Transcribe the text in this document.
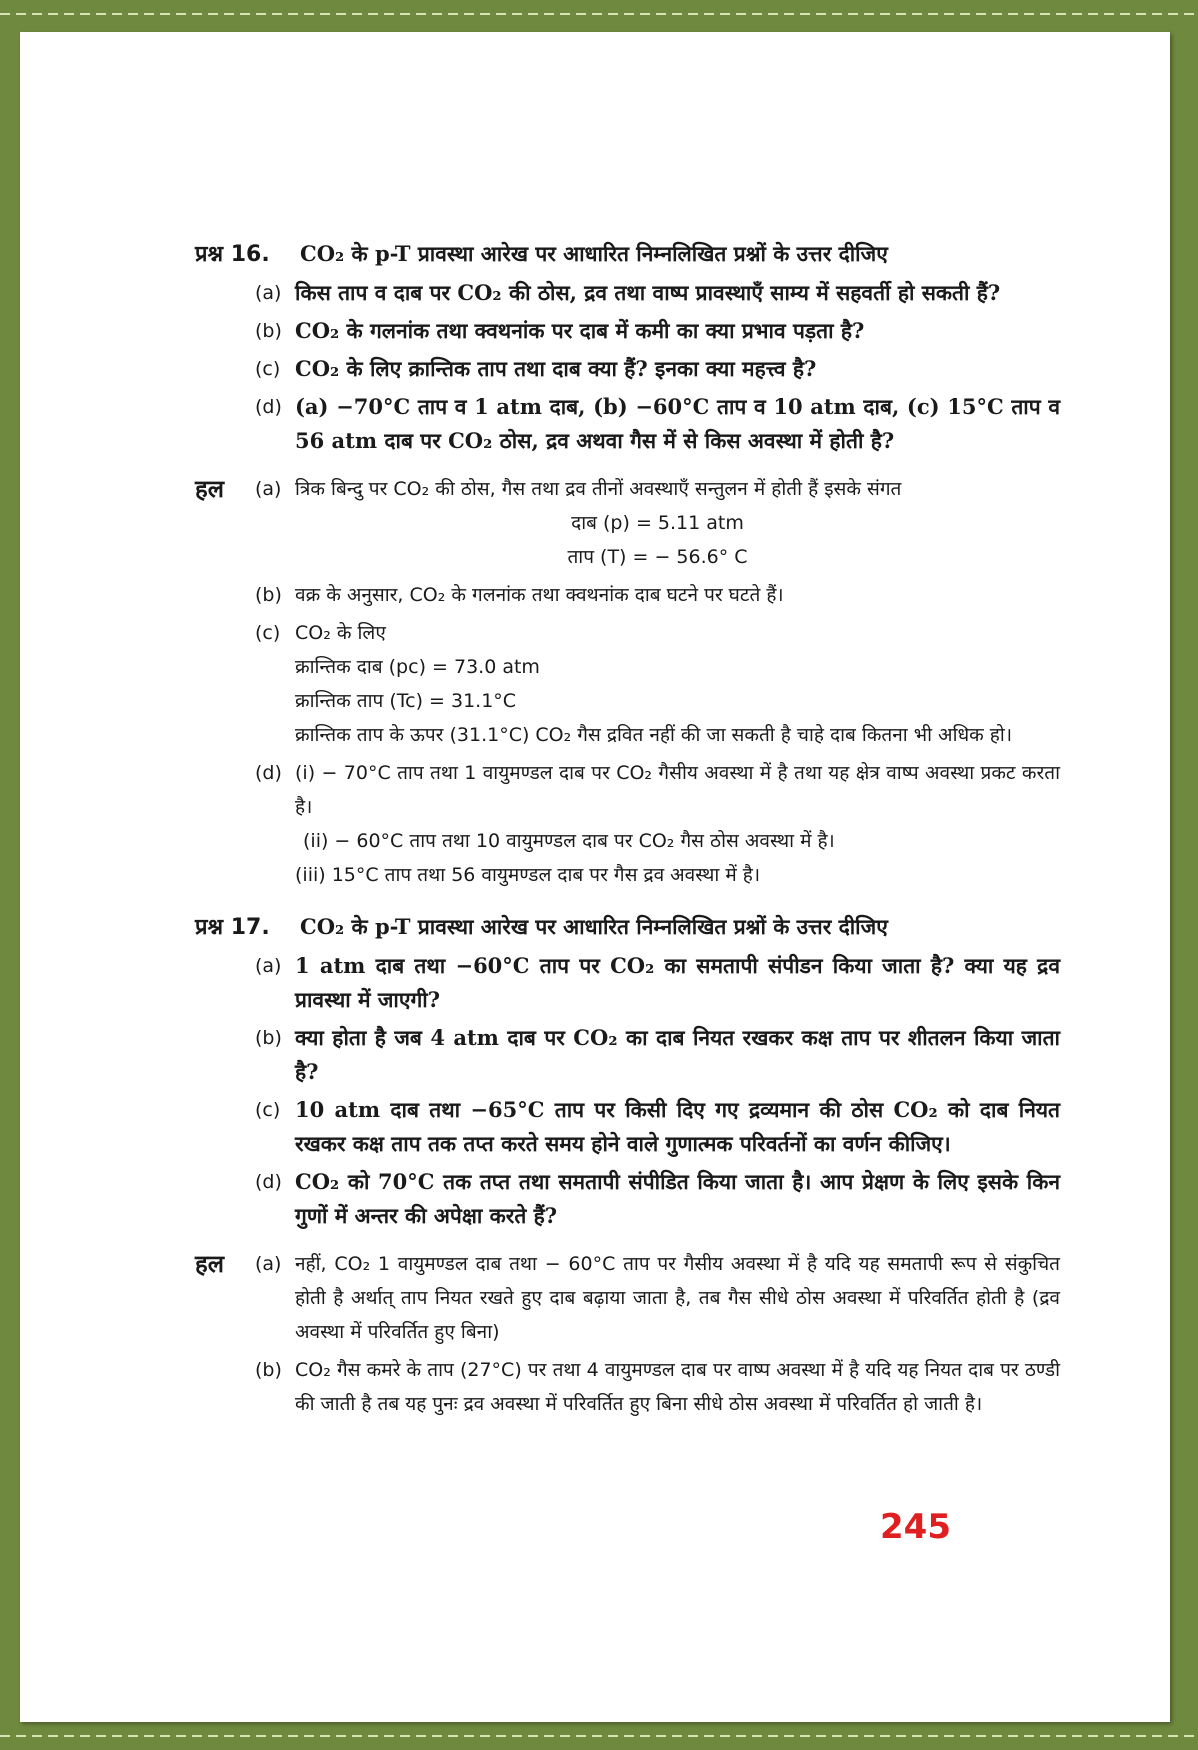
प्रश्न 16.	CO₂ के p-T प्रावस्था आरेख पर आधारित निम्नलिखित प्रश्नों के उत्तर दीजिए
(a) किस ताप व दाब पर CO₂ की ठोस, द्रव तथा वाष्प प्रावस्थाएँ साम्य में सहवर्ती हो सकती हैं?
(b) CO₂ के गलनांक तथा क्वथनांक पर दाब में कमी का क्या प्रभाव पड़ता है?
(c) CO₂ के लिए क्रान्तिक ताप तथा दाब क्या हैं? इनका क्या महत्त्व है?
(d) (a) −70°C ताप व 1 atm दाब, (b) −60°C ताप व 10 atm दाब, (c) 15°C ताप व 56 atm दाब पर CO₂ ठोस, द्रव अथवा गैस में से किस अवस्था में होती है?
हल	(a) त्रिक बिन्दु पर CO₂ की ठोस, गैस तथा द्रव तीनों अवस्थाएँ सन्तुलन में होती हैं इसके संगत
दाब (p) = 5.11 atm
ताप (T) = − 56.6° C
(b) वक्र के अनुसार, CO₂ के गलनांक तथा क्वथनांक दाब घटने पर घटते हैं।
(c) CO₂ के लिए
क्रान्तिक दाब (pc) = 73.0 atm
क्रान्तिक ताप (Tc) = 31.1°C
क्रान्तिक ताप के ऊपर (31.1°C) CO₂ गैस द्रवित नहीं की जा सकती है चाहे दाब कितना भी अधिक हो।
(d) (i) − 70°C ताप तथा 1 वायुमण्डल दाब पर CO₂ गैसीय अवस्था में है तथा यह क्षेत्र वाष्प अवस्था प्रकट करता है।
(ii) − 60°C ताप तथा 10 वायुमण्डल दाब पर CO₂ गैस ठोस अवस्था में है।
(iii) 15°C ताप तथा 56 वायुमण्डल दाब पर गैस द्रव अवस्था में है।
प्रश्न 17.	CO₂ के p-T प्रावस्था आरेख पर आधारित निम्नलिखित प्रश्नों के उत्तर दीजिए
(a) 1 atm दाब तथा −60°C ताप पर CO₂ का समतापी संपीडन किया जाता है? क्या यह द्रव प्रावस्था में जाएगी?
(b) क्या होता है जब 4 atm दाब पर CO₂ का दाब नियत रखकर कक्ष ताप पर शीतलन किया जाता है?
(c) 10 atm दाब तथा −65°C ताप पर किसी दिए गए द्रव्यमान की ठोस CO₂ को दाब नियत रखकर कक्ष ताप तक तप्त करते समय होने वाले गुणात्मक परिवर्तनों का वर्णन कीजिए।
(d) CO₂ को 70°C तक तप्त तथा समतापी संपीडित किया जाता है। आप प्रेक्षण के लिए इसके किन गुणों में अन्तर की अपेक्षा करते हैं?
हल	(a) नहीं, CO₂ 1 वायुमण्डल दाब तथा − 60°C ताप पर गैसीय अवस्था में है यदि यह समतापी रूप से संकुचित होती है अर्थात् ताप नियत रखते हुए दाब बढ़ाया जाता है, तब गैस सीधे ठोस अवस्था में परिवर्तित होती है (द्रव अवस्था में परिवर्तित हुए बिना)
(b) CO₂ गैस कमरे के ताप (27°C) पर तथा 4 वायुमण्डल दाब पर वाष्प अवस्था में है यदि यह नियत दाब पर ठण्डी की जाती है तब यह पुनः द्रव अवस्था में परिवर्तित हुए बिना सीधे ठोस अवस्था में परिवर्तित हो जाती है।
245
